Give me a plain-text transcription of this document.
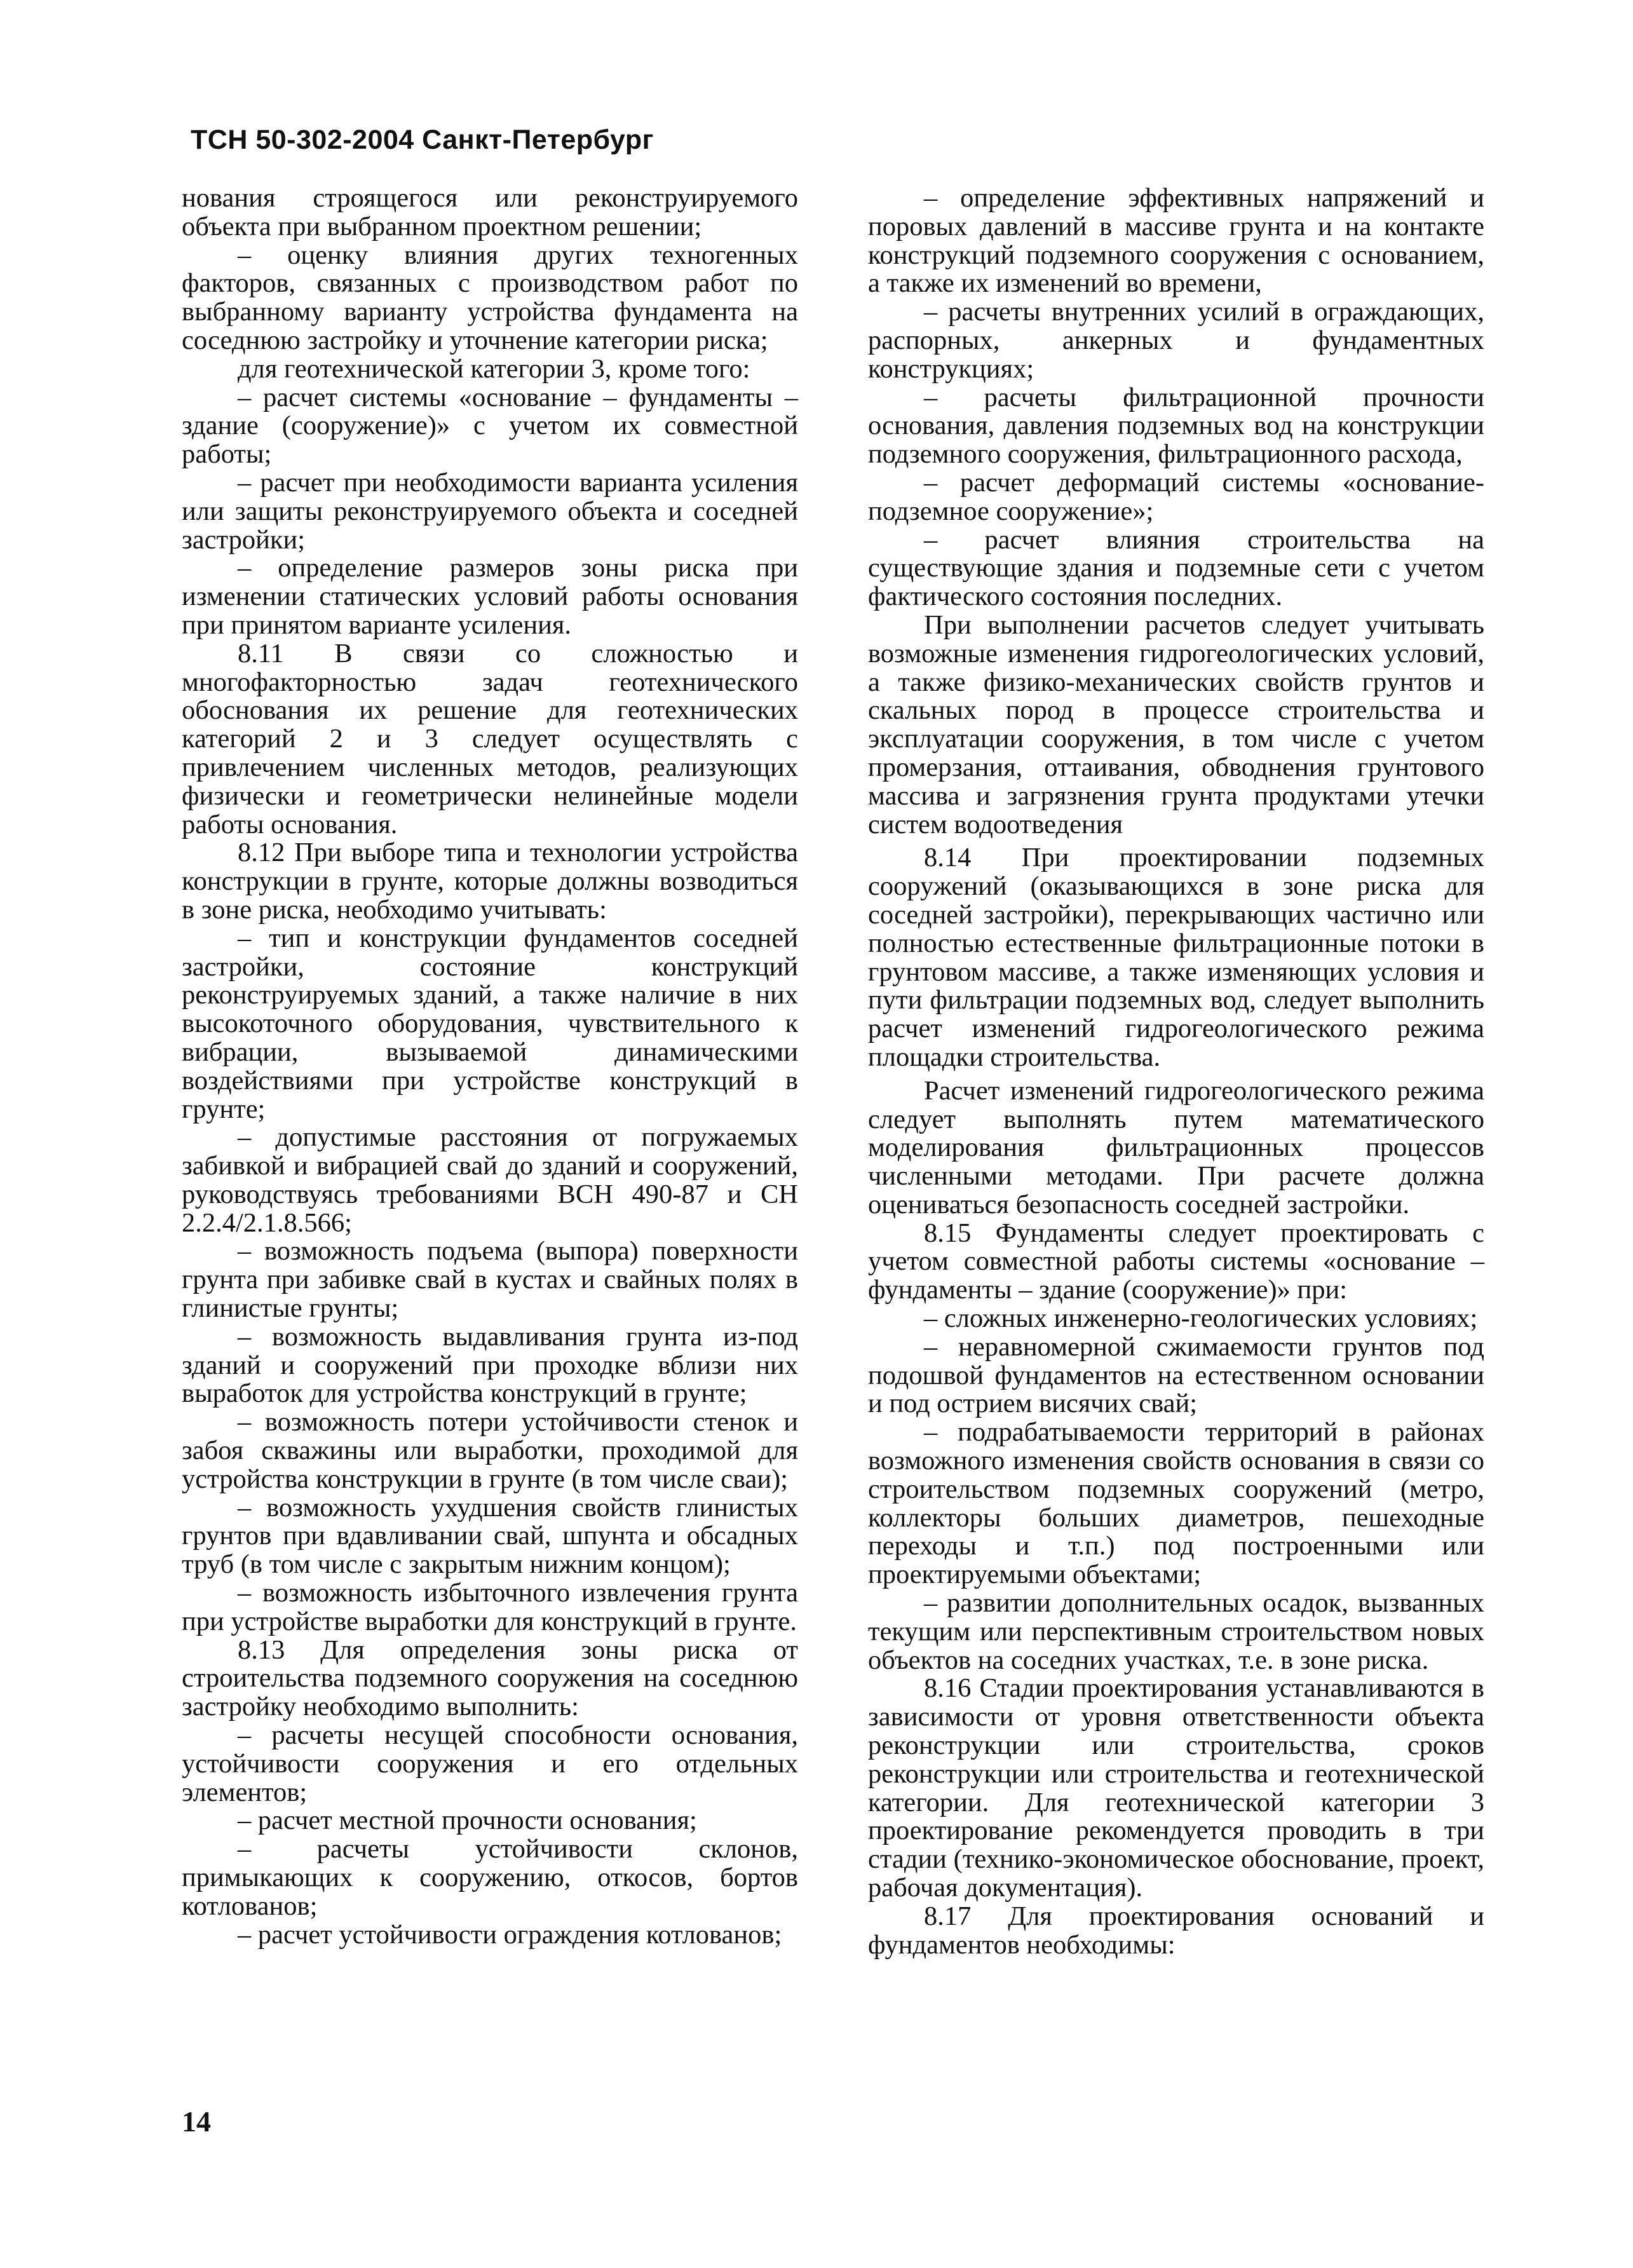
ТСН 50-302-2004 Санкт-Петербург

нования строящегося или реконструируемого объекта при выбранном проектном решении;

– оценку влияния других техногенных факторов, связанных с производством работ по выбранному варианту устройства фундамента на соседнюю застройку и уточнение категории риска;

для геотехнической категории 3, кроме того:

– расчет системы «основание – фундаменты – здание (сооружение)» с учетом их совместной работы;

– расчет при необходимости варианта усиления или защиты реконструируемого объекта и соседней застройки;

– определение размеров зоны риска при изменении статических условий работы основания при принятом варианте усиления.

8.11 В связи со сложностью и многофакторностью задач геотехнического обоснования их решение для геотехнических категорий 2 и 3 следует осуществлять с привлечением численных методов, реализующих физически и геометрически нелинейные модели работы основания.

8.12 При выборе типа и технологии устройства конструкции в грунте, которые должны возводиться в зоне риска, необходимо учитывать:

– тип и конструкции фундаментов соседней застройки, состояние конструкций реконструируемых зданий, а также наличие в них высокоточного оборудования, чувствительного к вибрации, вызываемой динамическими воздействиями при устройстве конструкций в грунте;

– допустимые расстояния от погружаемых забивкой и вибрацией свай до зданий и сооружений, руководствуясь требованиями ВСН 490-87 и СН 2.2.4/2.1.8.566;

– возможность подъема (выпора) поверхности грунта при забивке свай в кустах и свайных полях в глинистые грунты;

– возможность выдавливания грунта из-под зданий и сооружений при проходке вблизи них выработок для устройства конструкций в грунте;

– возможность потери устойчивости стенок и забоя скважины или выработки, проходимой для устройства конструкции в грунте (в том числе сваи);

– возможность ухудшения свойств глинистых грунтов при вдавливании свай, шпунта и обсадных труб (в том числе с закрытым нижним концом);

– возможность избыточного извлечения грунта при устройстве выработки для конструкций в грунте.

8.13 Для определения зоны риска от строительства подземного сооружения на соседнюю застройку необходимо выполнить:

– расчеты несущей способности основания, устойчивости сооружения и его отдельных элементов;

– расчет местной прочности основания;

– расчеты устойчивости склонов, примыкающих к сооружению, откосов, бортов котлованов;

– расчет устойчивости ограждения котлованов;

– определение эффективных напряжений и поровых давлений в массиве грунта и на контакте конструкций подземного сооружения с основанием, а также их изменений во времени,

– расчеты внутренних усилий в ограждающих, распорных, анкерных и фундаментных конструкциях;

– расчеты фильтрационной прочности основания, давления подземных вод на конструкции подземного сооружения, фильтрационного расхода,

– расчет деформаций системы «основание-подземное сооружение»;

– расчет влияния строительства на существующие здания и подземные сети с учетом фактического состояния последних.

При выполнении расчетов следует учитывать возможные изменения гидрогеологических условий, а также физико-механических свойств грунтов и скальных пород в процессе строительства и эксплуатации сооружения, в том числе с учетом промерзания, оттаивания, обводнения грунтового массива и загрязнения грунта продуктами утечки систем водоотведения

8.14 При проектировании подземных сооружений (оказывающихся в зоне риска для соседней застройки), перекрывающих частично или полностью естественные фильтрационные потоки в грунтовом массиве, а также изменяющих условия и пути фильтрации подземных вод, следует выполнить расчет изменений гидрогеологического режима площадки строительства.

Расчет изменений гидрогеологического режима следует выполнять путем математического моделирования фильтрационных процессов численными методами. При расчете должна оцениваться безопасность соседней застройки.

8.15 Фундаменты следует проектировать с учетом совместной работы системы «основание – фундаменты – здание (сооружение)» при:

– сложных инженерно-геологических условиях;

– неравномерной сжимаемости грунтов под подошвой фундаментов на естественном основании и под острием висячих свай;

– подрабатываемости территорий в районах возможного изменения свойств основания в связи со строительством подземных сооружений (метро, коллекторы больших диаметров, пешеходные переходы и т.п.) под построенными или проектируемыми объектами;

– развитии дополнительных осадок, вызванных текущим или перспективным строительством новых объектов на соседних участках, т.е. в зоне риска.

8.16 Стадии проектирования устанавливаются в зависимости от уровня ответственности объекта реконструкции или строительства, сроков реконструкции или строительства и геотехнической категории. Для геотехнической категории 3 проектирование рекомендуется проводить в три стадии (технико-экономическое обоснование, проект, рабочая документация).

8.17 Для проектирования оснований и фундаментов необходимы:

14
